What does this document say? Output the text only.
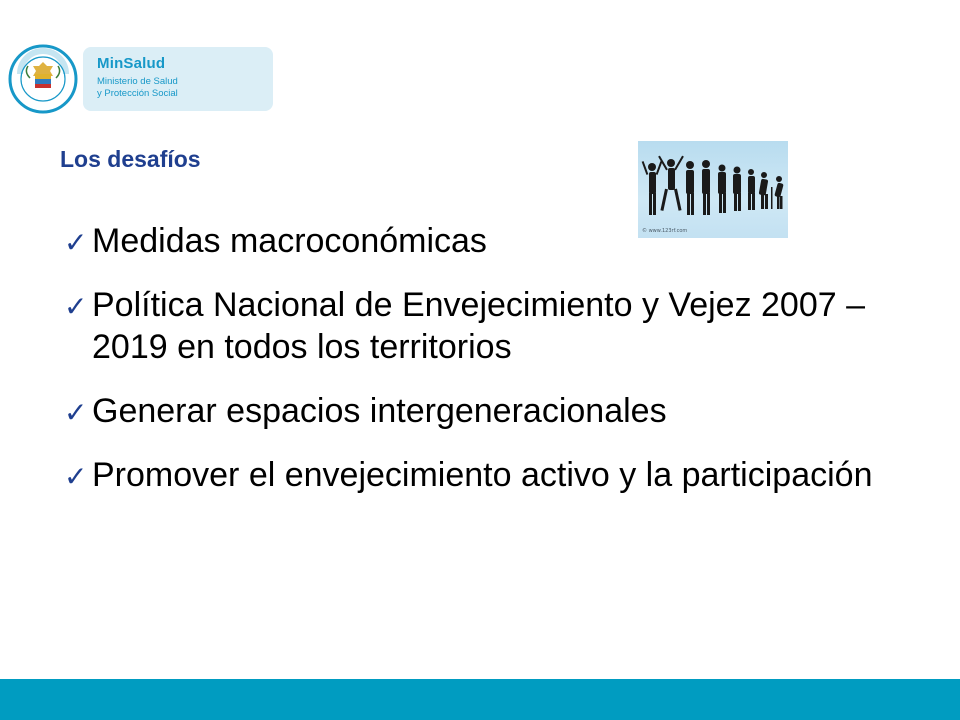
MinSalud
Ministerio de Salud
y Protección Social
Los desafíos
© www.123rf.com
✓ Medidas macroconómicas
✓ Política Nacional de Envejecimiento y Vejez 2007 – 2019 en todos los territorios
✓ Generar espacios intergeneracionales
✓ Promover el envejecimiento activo y la participación
